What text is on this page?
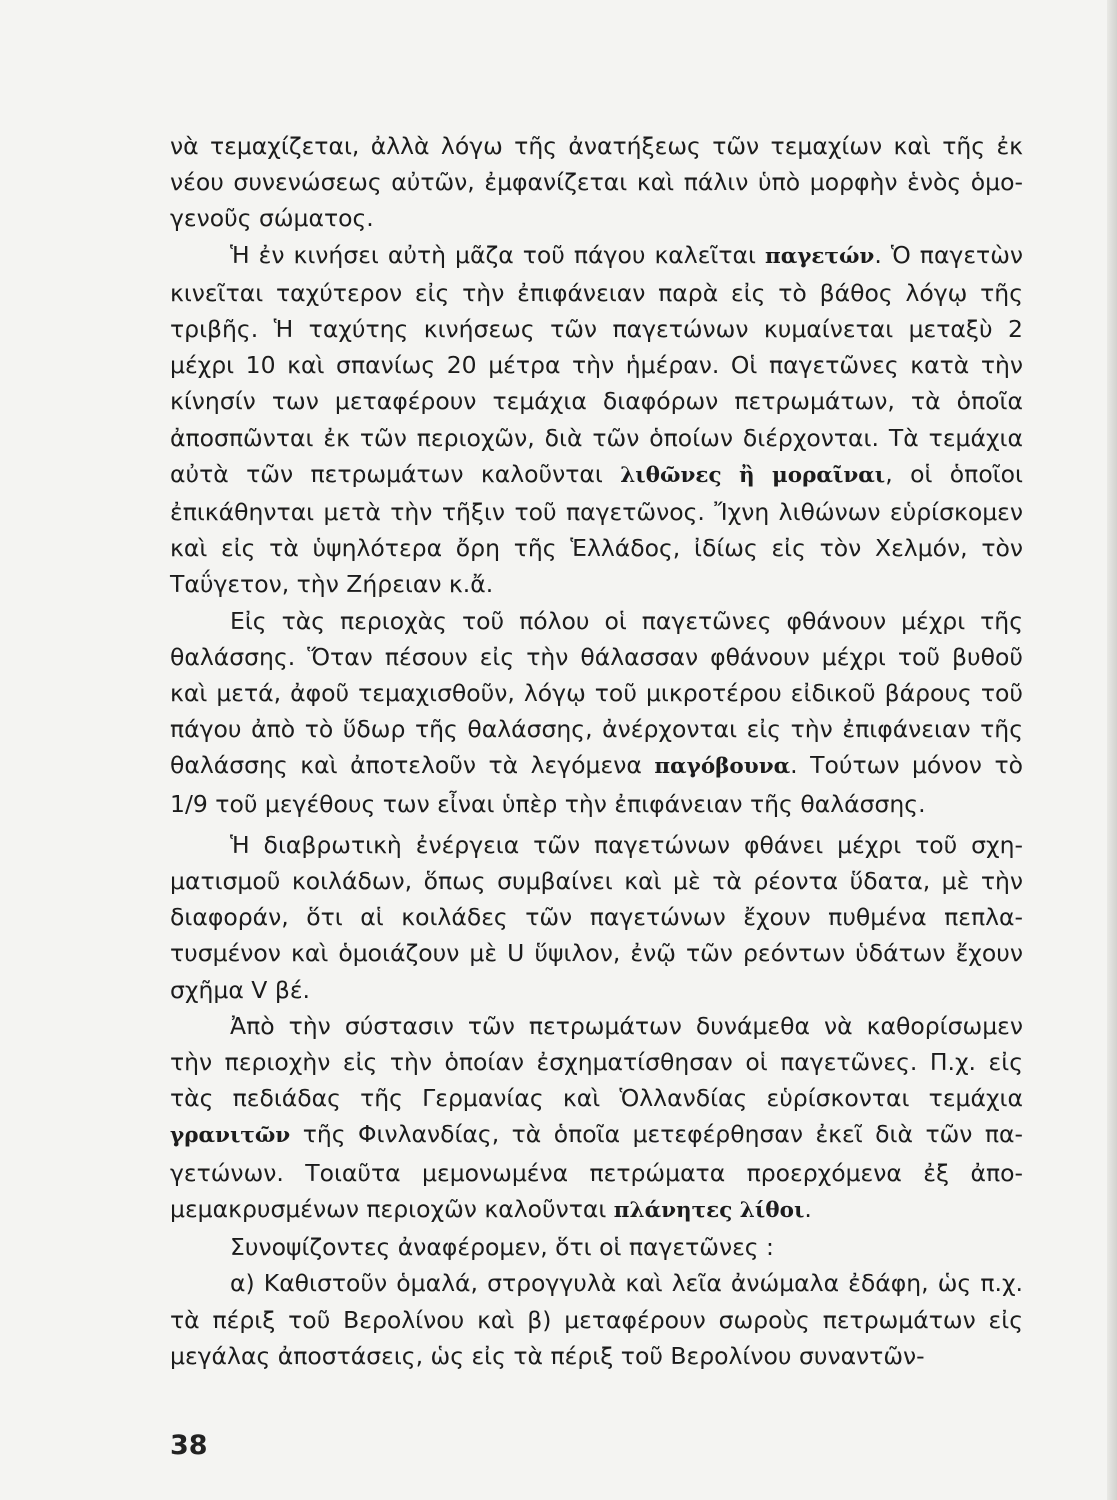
νὰ τεμαχίζεται, ἀλλὰ λόγω τῆς ἀνατήξεως τῶν τεμαχίων καὶ τῆς ἐκ νέου συνενώσεως αὐτῶν, ἐμφανίζεται καὶ πάλιν ὑπὸ μορφὴν ἑνὸς ὁμογενοῦς σώματος.

Ἡ ἐν κινήσει αὐτὴ μᾶζα τοῦ πάγου καλεῖται παγετών. Ὁ παγετὼν κινεῖται ταχύτερον εἰς τὴν ἐπιφάνειαν παρὰ εἰς τὸ βάθος λόγῳ τῆς τριβῆς. Ἡ ταχύτης κινήσεως τῶν παγετώνων κυμαίνεται μεταξὺ 2 μέχρι 10 καὶ σπανίως 20 μέτρα τὴν ἡμέραν. Οἱ παγετῶνες κατὰ τὴν κίνησίν των μεταφέρουν τεμάχια διαφόρων πετρωμάτων, τὰ ὁποῖα ἀποσπῶνται ἐκ τῶν περιοχῶν, διὰ τῶν ὁποίων διέρχονται. Τὰ τεμάχια αὐτὰ τῶν πετρωμάτων καλοῦνται λιθῶνες ἢ μοραῖναι, οἱ ὁποῖοι ἐπικάθηνται μετὰ τὴν τῆξιν τοῦ παγετῶνος. Ἴχνη λιθώνων εὑρίσκομεν καὶ εἰς τὰ ὑψηλότερα ὄρη τῆς Ἑλλάδος, ἰδίως εἰς τὸν Χελμόν, τὸν Ταΰγετον, τὴν Ζήρειαν κ.ἄ.

Εἰς τὰς περιοχὰς τοῦ πόλου οἱ παγετῶνες φθάνουν μέχρι τῆς θαλάσσης. Ὅταν πέσουν εἰς τὴν θάλασσαν φθάνουν μέχρι τοῦ βυθοῦ καὶ μετά, ἀφοῦ τεμαχισθοῦν, λόγῳ τοῦ μικροτέρου εἰδικοῦ βάρους τοῦ πάγου ἀπὸ τὸ ὕδωρ τῆς θαλάσσης, ἀνέρχονται εἰς τὴν ἐπιφάνειαν τῆς θαλάσσης καὶ ἀποτελοῦν τὰ λεγόμενα παγόβουνα. Τούτων μόνον τὸ 1/9 τοῦ μεγέθους των εἶναι ὑπὲρ τὴν ἐπιφάνειαν τῆς θαλάσσης.

Ἡ διαβρωτικὴ ἐνέργεια τῶν παγετώνων φθάνει μέχρι τοῦ σχηματισμοῦ κοιλάδων, ὅπως συμβαίνει καὶ μὲ τὰ ρέοντα ὕδατα, μὲ τὴν διαφοράν, ὅτι αἱ κοιλάδες τῶν παγετώνων ἔχουν πυθμένα πεπλατυσμένον καὶ ὁμοιάζουν μὲ U ὕψιλον, ἐνῷ τῶν ρεόντων ὑδάτων ἔχουν σχῆμα V βέ.

Ἀπὸ τὴν σύστασιν τῶν πετρωμάτων δυνάμεθα νὰ καθορίσωμεν τὴν περιοχὴν εἰς τὴν ὁποίαν ἐσχηματίσθησαν οἱ παγετῶνες. Π.χ. εἰς τὰς πεδιάδας τῆς Γερμανίας καὶ Ὁλλανδίας εὑρίσκονται τεμάχια γρανιτῶν τῆς Φινλανδίας, τὰ ὁποῖα μετεφέρθησαν ἐκεῖ διὰ τῶν παγετώνων. Τοιαῦτα μεμονωμένα πετρώματα προερχόμενα ἐξ ἀπομεμακρυσμένων περιοχῶν καλοῦνται πλάνητες λίθοι.

Συνοψίζοντες ἀναφέρομεν, ὅτι οἱ παγετῶνες :

α) Καθιστοῦν ὁμαλά, στρογγυλὰ καὶ λεῖα ἀνώμαλα ἐδάφη, ὡς π.χ. τὰ πέριξ τοῦ Βερολίνου καὶ β) μεταφέρουν σωροὺς πετρωμάτων εἰς μεγάλας ἀποστάσεις, ὡς εἰς τὰ πέριξ τοῦ Βερολίνου συναντῶν-

38
